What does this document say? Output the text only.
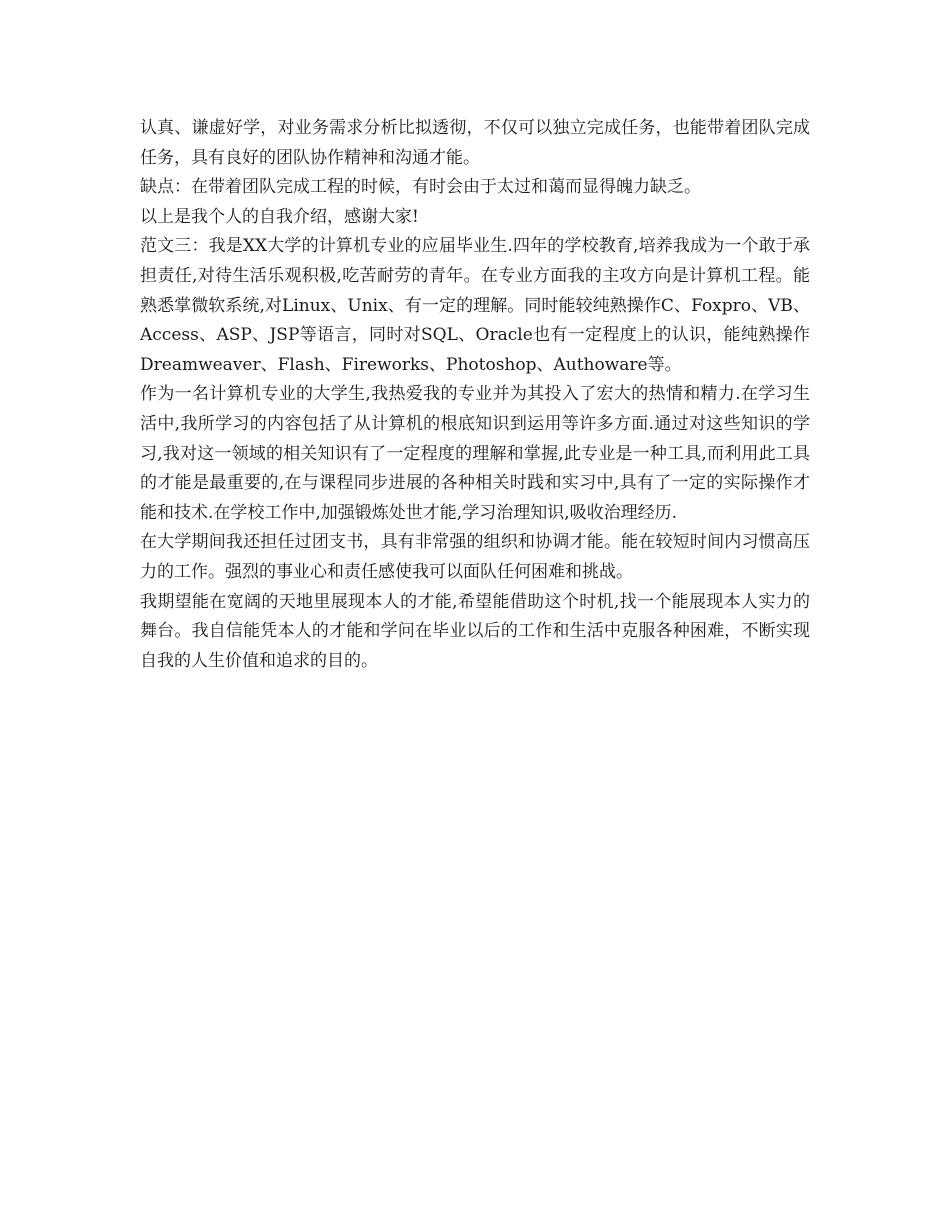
认真、谦虚好学，对业务需求分析比拟透彻，不仅可以独立完成任务，也能带着团队完成任务，具有良好的团队协作精神和沟通才能。

缺点：在带着团队完成工程的时候，有时会由于太过和蔼而显得魄力缺乏。

以上是我个人的自我介绍，感谢大家!

范文三：我是XX大学的计算机专业的应届毕业生.四年的学校教育,培养我成为一个敢于承担责任,对待生活乐观积极,吃苦耐劳的青年。在专业方面我的主攻方向是计算机工程。能熟悉掌微软系统,对Linux、Unix、有一定的理解。同时能较纯熟操作C、Foxpro、VB、Access、ASP、JSP等语言，同时对SQL、Oracle也有一定程度上的认识，能纯熟操作Dreamweaver、Flash、Fireworks、Photoshop、Authoware等。

作为一名计算机专业的大学生,我热爱我的专业并为其投入了宏大的热情和精力.在学习生活中,我所学习的内容包括了从计算机的根底知识到运用等许多方面.通过对这些知识的学习,我对这一领域的相关知识有了一定程度的理解和掌握,此专业是一种工具,而利用此工具的才能是最重要的,在与课程同步进展的各种相关时践和实习中,具有了一定的实际操作才能和技术.在学校工作中,加强锻炼处世才能,学习治理知识,吸收治理经历.

在大学期间我还担任过团支书，具有非常强的组织和协调才能。能在较短时间内习惯高压力的工作。强烈的事业心和责任感使我可以面队任何困难和挑战。

我期望能在宽阔的天地里展现本人的才能,希望能借助这个时机,找一个能展现本人实力的舞台。我自信能凭本人的才能和学问在毕业以后的工作和生活中克服各种困难，不断实现自我的人生价值和追求的目的。
